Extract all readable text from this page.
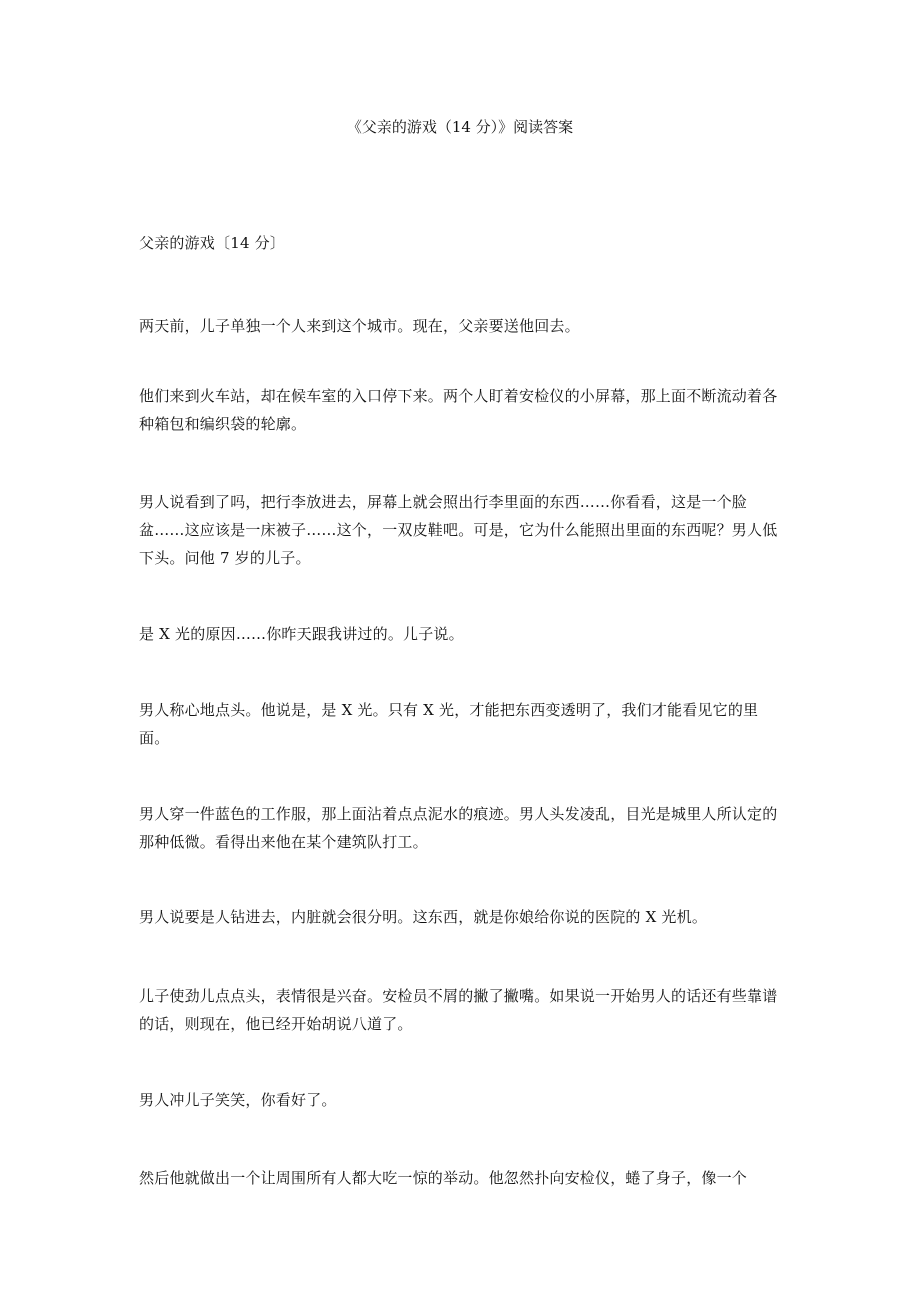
《父亲的游戏（14 分）》阅读答案

父亲的游戏〔14 分〕

两天前，儿子单独一个人来到这个城市。现在，父亲要送他回去。

他们来到火车站，却在候车室的入口停下来。两个人盯着安检仪的小屏幕，那上面不断流动着各种箱包和编织袋的轮廓。

男人说看到了吗，把行李放进去，屏幕上就会照出行李里面的东西……你看看，这是一个脸盆……这应该是一床被子……这个，一双皮鞋吧。可是，它为什么能照出里面的东西呢？男人低下头。问他 7 岁的儿子。

是 X 光的原因……你昨天跟我讲过的。儿子说。

男人称心地点头。他说是，是 X 光。只有 X 光，才能把东西变透明了，我们才能看见它的里面。

男人穿一件蓝色的工作服，那上面沾着点点泥水的痕迹。男人头发凌乱，目光是城里人所认定的那种低微。看得出来他在某个建筑队打工。

男人说要是人钻进去，内脏就会很分明。这东西，就是你娘给你说的医院的 X 光机。

儿子使劲儿点点头，表情很是兴奋。安检员不屑的撇了撇嘴。如果说一开始男人的话还有些靠谱的话，则现在，他已经开始胡说八道了。

男人冲儿子笑笑，你看好了。

然后他就做出一个让周围所有人都大吃一惊的举动。他忽然扑向安检仪，蜷了身子，像一个
